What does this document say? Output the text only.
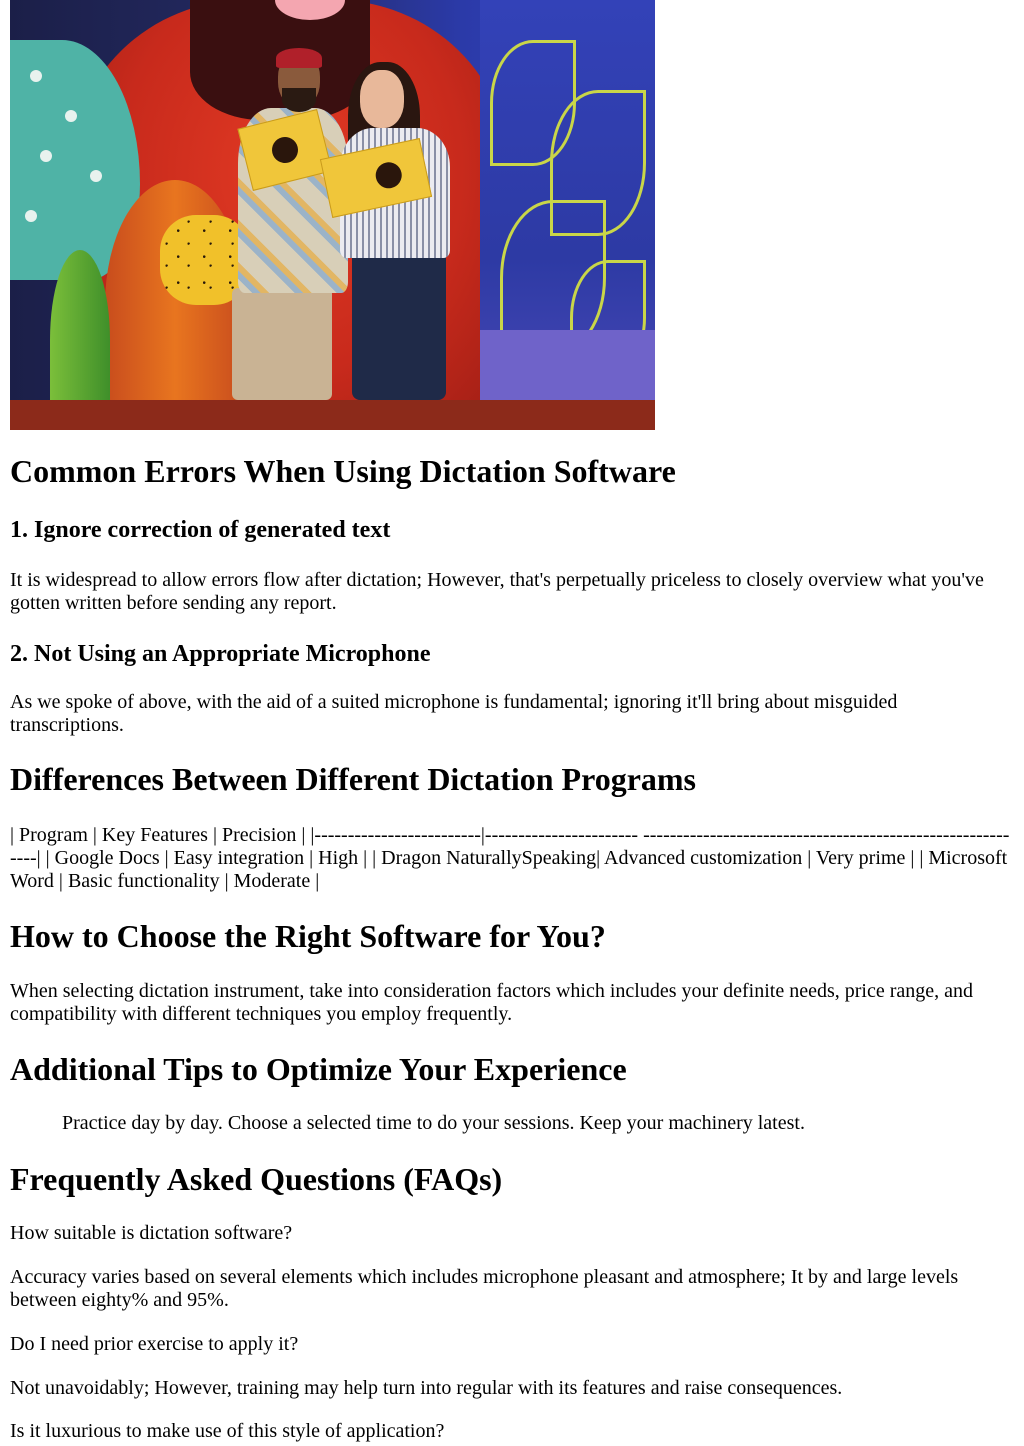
Common Errors When Using Dictation Software
1. Ignore correction of generated text

It is widespread to allow errors flow after dictation; However, that's perpetually priceless to closely overview what you've gotten written before sending any report.

2. Not Using an Appropriate Microphone

As we spoke of above, with the aid of a suited microphone is fundamental; ignoring it'll bring about misguided transcriptions.

Differences Between Different Dictation Programs

| Program | Key Features | Precision | |-------------------------|----------------------- ------------------------------------------------------- ----| | Google Docs | Easy integration | High | | Dragon NaturallySpeaking| Advanced customization | Very prime | | Microsoft Word | Basic functionality | Moderate |

How to Choose the Right Software for You?

When selecting dictation instrument, take into consideration factors which includes your definite needs, price range, and compatibility with different techniques you employ frequently.

Additional Tips to Optimize Your Experience

Practice day by day. Choose a selected time to do your sessions. Keep your machinery latest.

Frequently Asked Questions (FAQs)

How suitable is dictation software?

Accuracy varies based on several elements which includes microphone pleasant and atmosphere; It by and large levels between eighty% and 95%.

Do I need prior exercise to apply it?

Not unavoidably; However, training may help turn into regular with its features and raise consequences.

Is it luxurious to make use of this style of application?
